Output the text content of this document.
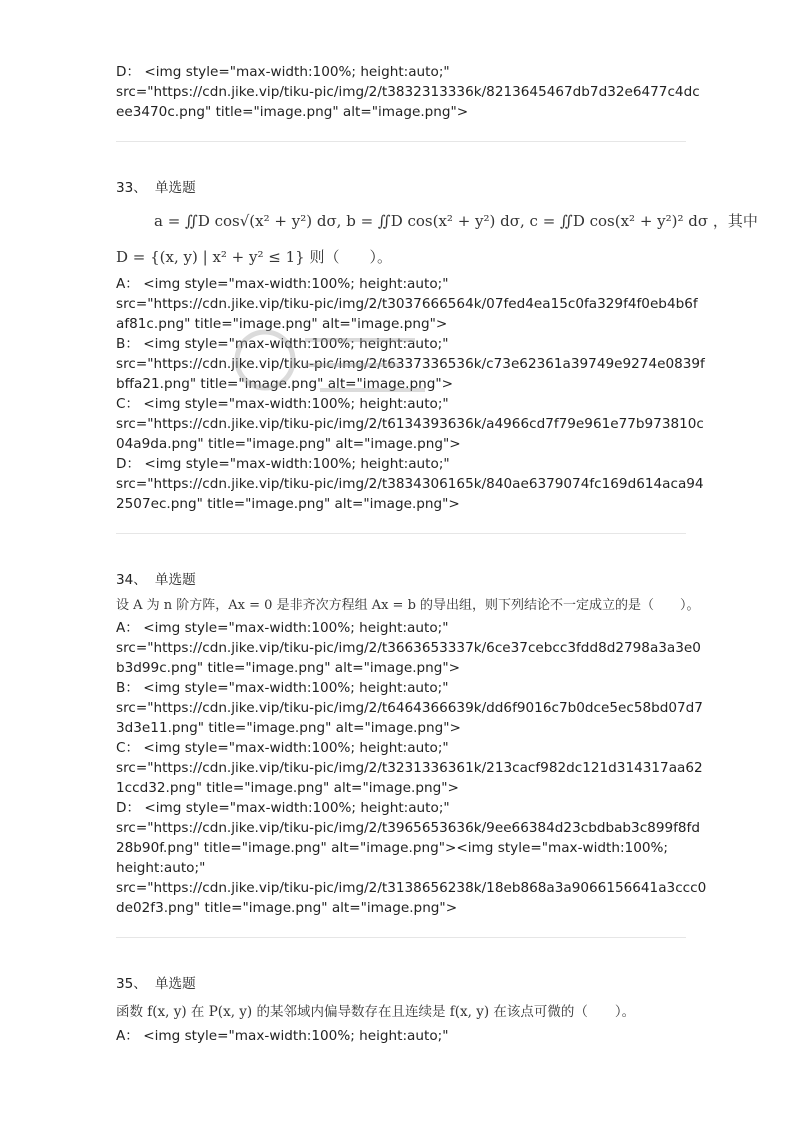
D： <img style="max-width:100%; height:auto;"
src="https://cdn.jike.vip/tiku-pic/img/2/t3832313336k/8213645467db7d32e6477c4dc
ee3470c.png" title="image.png" alt="image.png">
33、 单选题
a = ∬D cos√(x² + y²) dσ, b = ∬D cos(x² + y²) dσ, c = ∬D cos(x² + y²)² dσ ，其中
D = {(x, y) | x² + y² ≤ 1} 则（　　）。
A： <img style="max-width:100%; height:auto;"
src="https://cdn.jike.vip/tiku-pic/img/2/t3037666564k/07fed4ea15c0fa329f4f0eb4b6f
af81c.png" title="image.png" alt="image.png">
B： <img style="max-width:100%; height:auto;"
src="https://cdn.jike.vip/tiku-pic/img/2/t6337336536k/c73e62361a39749e9274e0839f
bffa21.png" title="image.png" alt="image.png">
C： <img style="max-width:100%; height:auto;"
src="https://cdn.jike.vip/tiku-pic/img/2/t6134393636k/a4966cd7f79e961e77b973810c
04a9da.png" title="image.png" alt="image.png">
D： <img style="max-width:100%; height:auto;"
src="https://cdn.jike.vip/tiku-pic/img/2/t3834306165k/840ae6379074fc169d614aca94
2507ec.png" title="image.png" alt="image.png">
34、 单选题
设 A 为 n 阶方阵，Ax = 0 是非齐次方程组 Ax = b 的导出组，则下列结论不一定成立的是（　　）。
A： <img style="max-width:100%; height:auto;"
src="https://cdn.jike.vip/tiku-pic/img/2/t3663653337k/6ce37cebcc3fdd8d2798a3a3e0
b3d99c.png" title="image.png" alt="image.png">
B： <img style="max-width:100%; height:auto;"
src="https://cdn.jike.vip/tiku-pic/img/2/t6464366639k/dd6f9016c7b0dce5ec58bd07d7
3d3e11.png" title="image.png" alt="image.png">
C： <img style="max-width:100%; height:auto;"
src="https://cdn.jike.vip/tiku-pic/img/2/t3231336361k/213cacf982dc121d314317aa62
1ccd32.png" title="image.png" alt="image.png">
D： <img style="max-width:100%; height:auto;"
src="https://cdn.jike.vip/tiku-pic/img/2/t3965653636k/9ee66384d23cbdbab3c899f8fd
28b90f.png" title="image.png" alt="image.png"><img style="max-width:100%;
height:auto;"
src="https://cdn.jike.vip/tiku-pic/img/2/t3138656238k/18eb868a3a9066156641a3ccc0
de02f3.png" title="image.png" alt="image.png">
35、 单选题
函数 f(x, y) 在 P(x, y) 的某邻域内偏导数存在且连续是 f(x, y) 在该点可微的（　　）。
A： <img style="max-width:100%; height:auto;"
